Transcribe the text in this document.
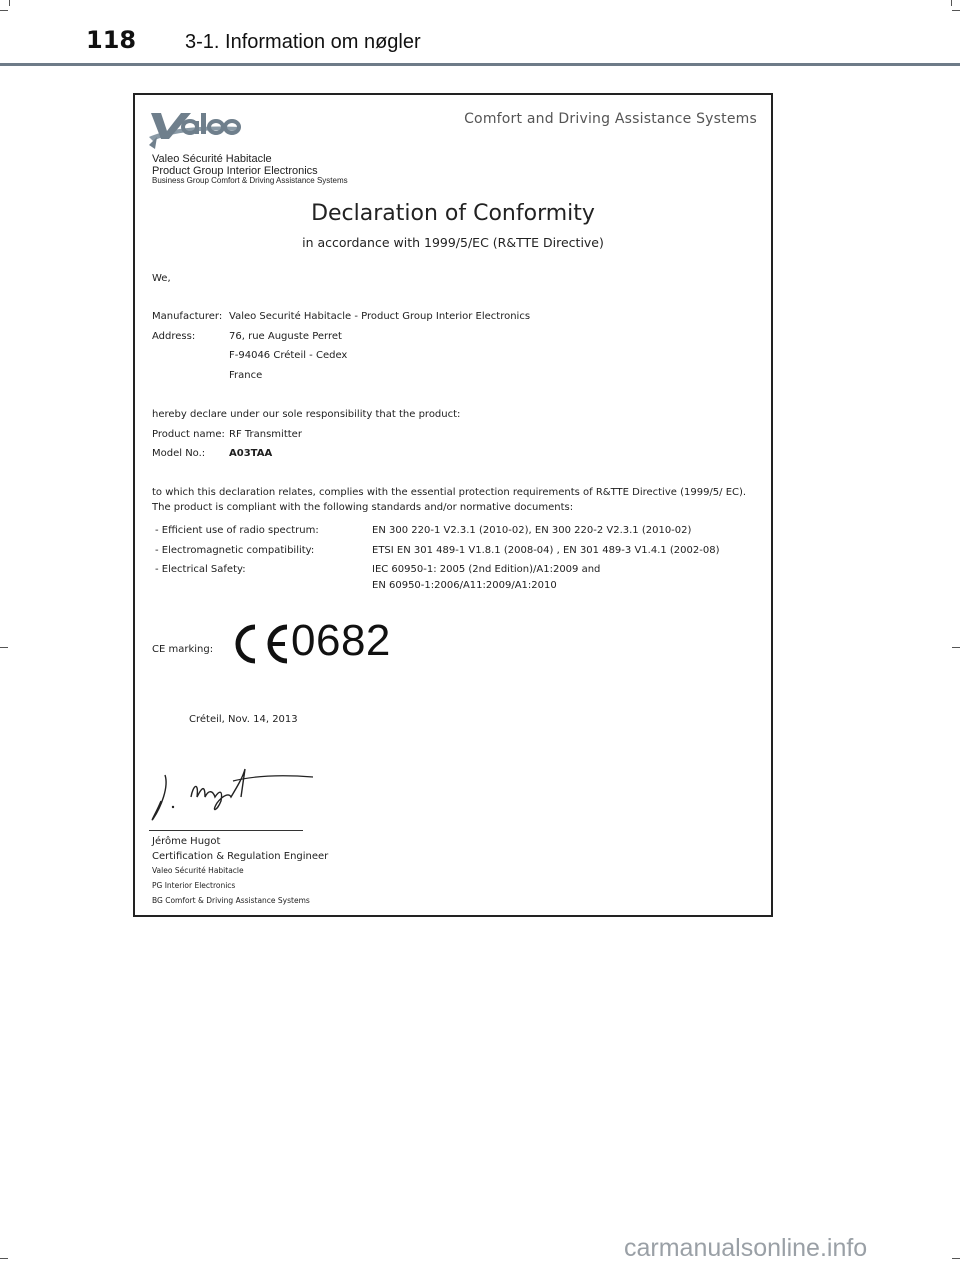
118 3-1. Information om nøgler
Comfort and Driving Assistance Systems
Valeo Sécurité Habitacle
Product Group Interior Electronics
Business Group Comfort & Driving Assistance Systems
Declaration of Conformity
in accordance with 1999/5/EC (R&TTE Directive)
We,
Manufacturer: Valeo Securité Habitacle - Product Group Interior Electronics
Address:	76, rue Auguste Perret
F-94046 Créteil - Cedex
France
hereby declare under our sole responsibility that the product:
Product name: RF Transmitter
Model No.: A03TAA
to which this declaration relates, complies with the essential protection requirements of R&TTE Directive (1999/5/ EC).
The product is compliant with the following standards and/or normative documents:
- Efficient use of radio spectrum:	EN 300 220-1 V2.3.1 (2010-02), EN 300 220-2 V2.3.1 (2010-02)
- Electromagnetic compatibility:	ETSI EN 301 489-1 V1.8.1 (2008-04) , EN 301 489-3 V1.4.1 (2002-08)
- Electrical Safety:	IEC 60950-1: 2005 (2nd Edition)/A1:2009 and
EN 60950-1:2006/A11:2009/A1:2010
CE marking: 0682
Créteil, Nov. 14, 2013
Jérôme Hugot
Certification & Regulation Engineer
Valeo Sécurité Habitacle
PG Interior Electronics
BG Comfort & Driving Assistance Systems
carmanualsonline.info
